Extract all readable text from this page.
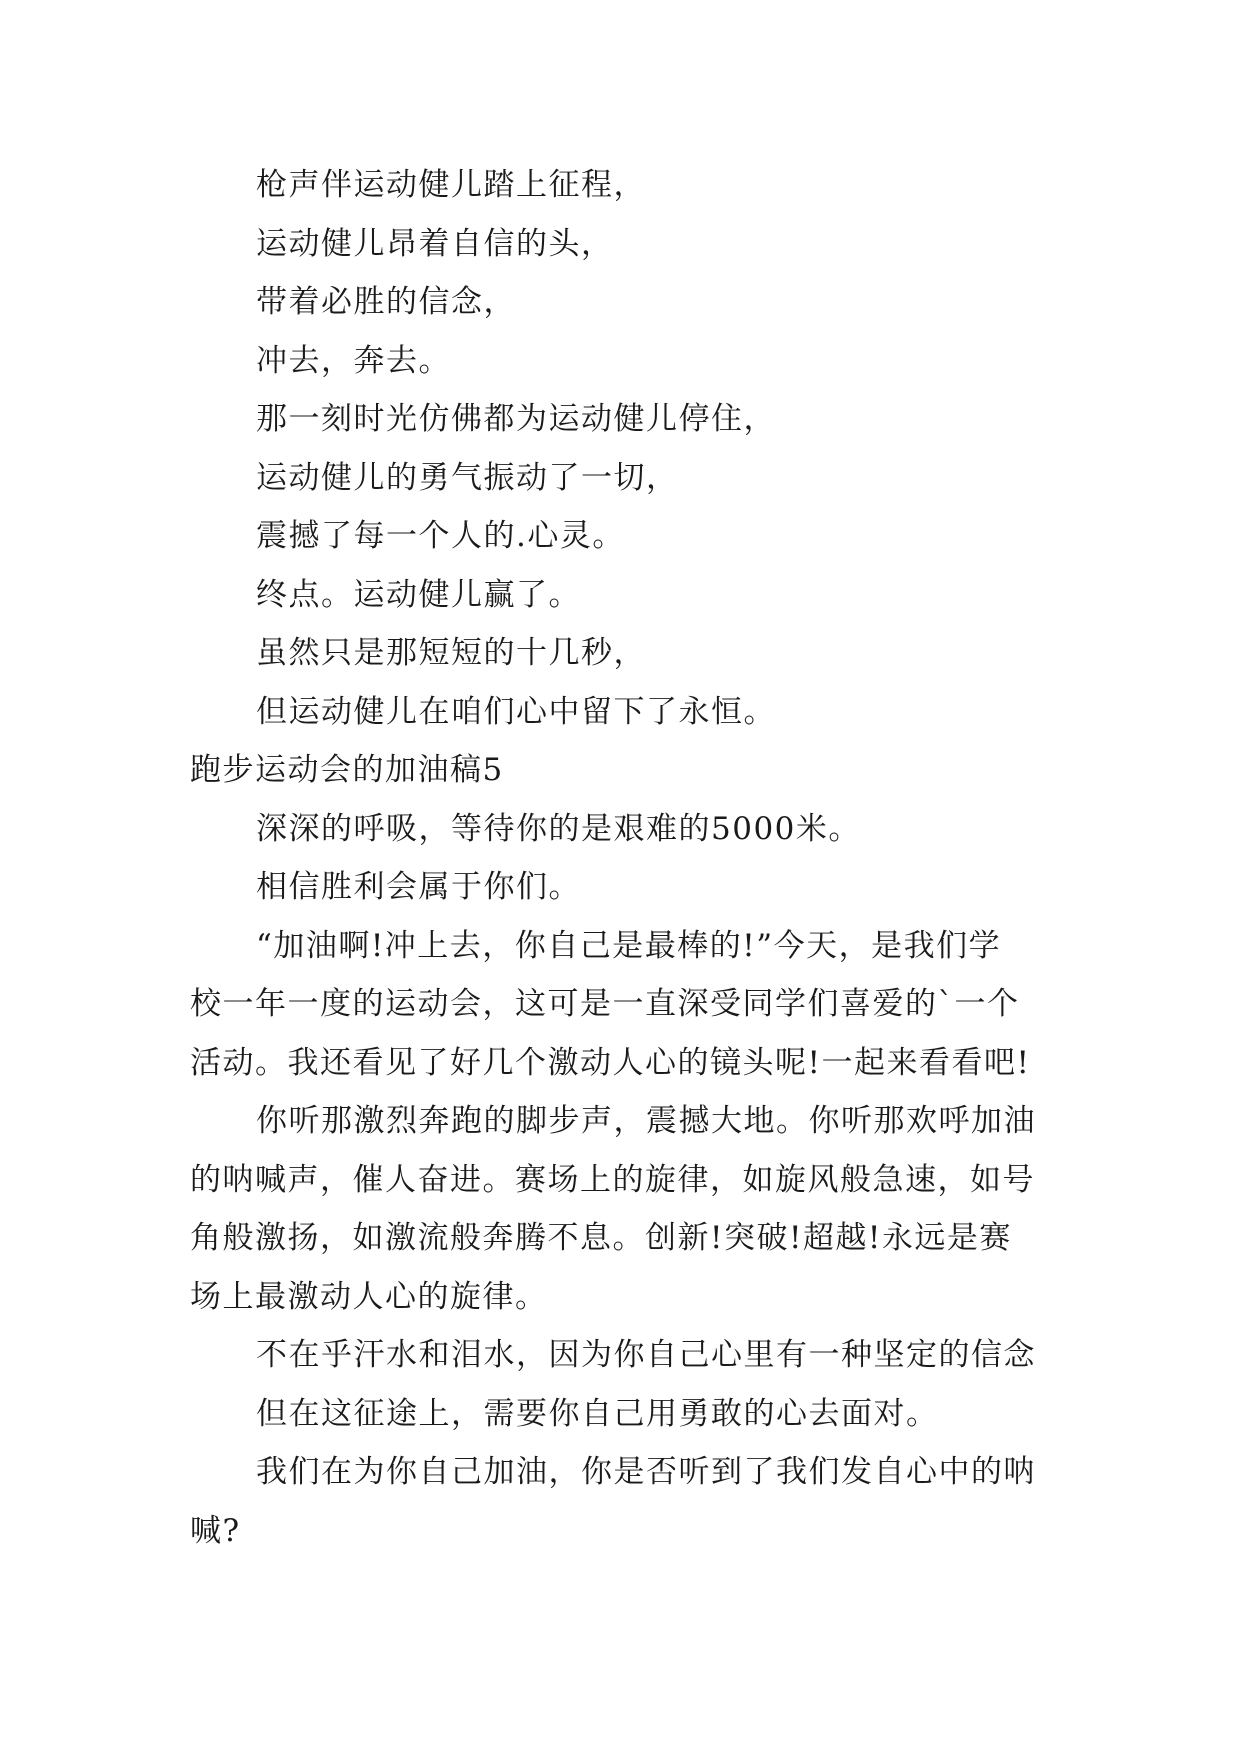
枪声伴运动健儿踏上征程，
运动健儿昂着自信的头，
带着必胜的信念，
冲去，奔去。
那一刻时光仿佛都为运动健儿停住，
运动健儿的勇气振动了一切，
震撼了每一个人的.心灵。
终点。运动健儿赢了。
虽然只是那短短的十几秒，
但运动健儿在咱们心中留下了永恒。
跑步运动会的加油稿5
深深的呼吸，等待你的是艰难的5000米。
相信胜利会属于你们。
“加油啊!冲上去，你自己是最棒的!”今天，是我们学
校一年一度的运动会，这可是一直深受同学们喜爱的`一个
活动。我还看见了好几个激动人心的镜头呢!一起来看看吧!
你听那激烈奔跑的脚步声，震撼大地。你听那欢呼加油
的呐喊声，催人奋进。赛场上的旋律，如旋风般急速，如号
角般激扬，如激流般奔腾不息。创新!突破!超越!永远是赛
场上最激动人心的旋律。
不在乎汗水和泪水，因为你自己心里有一种坚定的信念
但在这征途上，需要你自己用勇敢的心去面对。
我们在为你自己加油，你是否听到了我们发自心中的呐
喊?
